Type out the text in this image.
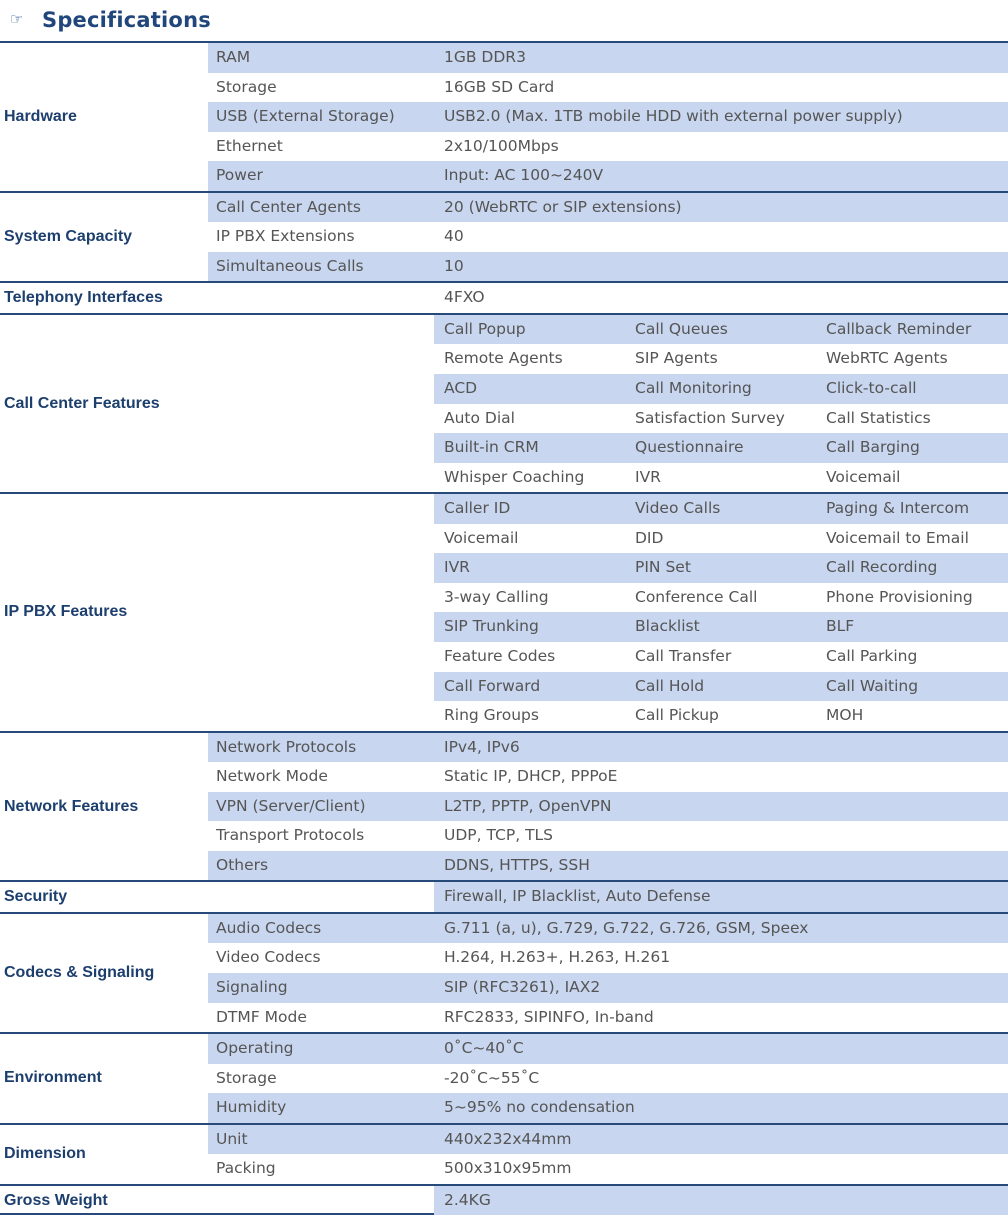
☞ Specifications
Hardware
RAM	1GB DDR3
Storage	16GB SD Card
USB (External Storage)	USB2.0 (Max. 1TB mobile HDD with external power supply)
Ethernet	2x10/100Mbps
Power	Input: AC 100~240V
System Capacity
Call Center Agents	20 (WebRTC or SIP extensions)
IP PBX Extensions	40
Simultaneous Calls	10
Telephony Interfaces	4FXO
Call Center Features
Call Popup	Call Queues	Callback Reminder
Remote Agents	SIP Agents	WebRTC Agents
ACD	Call Monitoring	Click-to-call
Auto Dial	Satisfaction Survey	Call Statistics
Built-in CRM	Questionnaire	Call Barging
Whisper Coaching	IVR	Voicemail
IP PBX Features
Caller ID	Video Calls	Paging & Intercom
Voicemail	DID	Voicemail to Email
IVR	PIN Set	Call Recording
3-way Calling	Conference Call	Phone Provisioning
SIP Trunking	Blacklist	BLF
Feature Codes	Call Transfer	Call Parking
Call Forward	Call Hold	Call Waiting
Ring Groups	Call Pickup	MOH
Network Features
Network Protocols	IPv4, IPv6
Network Mode	Static IP, DHCP, PPPoE
VPN (Server/Client)	L2TP, PPTP, OpenVPN
Transport Protocols	UDP, TCP, TLS
Others	DDNS, HTTPS, SSH
Security	Firewall, IP Blacklist, Auto Defense
Codecs & Signaling
Audio Codecs	G.711 (a, u), G.729, G.722, G.726, GSM, Speex
Video Codecs	H.264, H.263+, H.263, H.261
Signaling	SIP (RFC3261), IAX2
DTMF Mode	RFC2833, SIPINFO, In-band
Environment
Operating	0˚C~40˚C
Storage	-20˚C~55˚C
Humidity	5~95% no condensation
Dimension
Unit	440x232x44mm
Packing	500x310x95mm
Gross Weight	2.4KG
